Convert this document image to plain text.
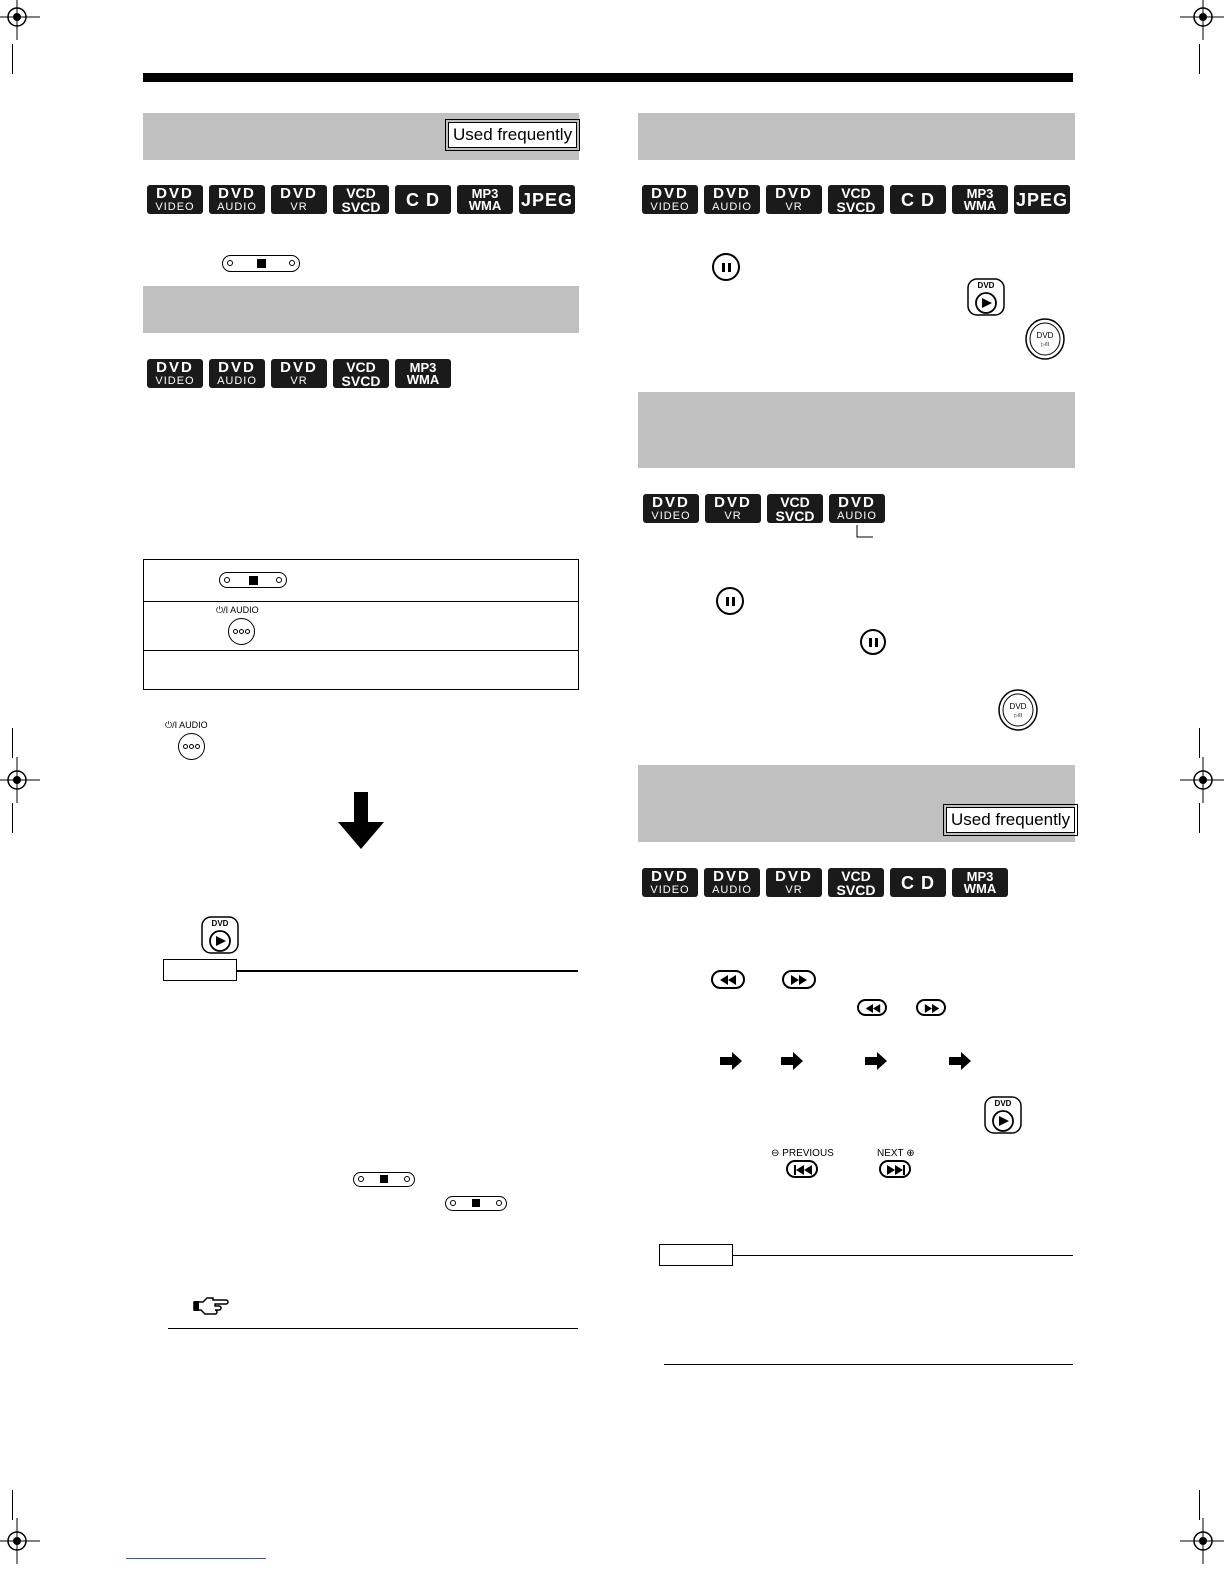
Used frequently
DVD
VIDEO
DVD
AUDIO
DVD
VR
VCD
SVCD C D MP3
WMA JPEG
DVD
VIDEO
DVD
AUDIO
DVD
VR
VCD
SVCD
MP3
WMA
⏻/I AUDIO
⏻/I AUDIO
DVD
DVD
VIDEO
DVD
AUDIO
DVD
VR
VCD
SVCD C D MP3
WMA JPEG
DVD
DVD
▷/II
DVD
VIDEO
DVD
VR
VCD
SVCD
DVD
AUDIO
DVD
▷/II
Used frequently
DVD
VIDEO
DVD
AUDIO
DVD
VR
VCD
SVCD C D MP3
WMA
DVD
⊖ PREVIOUS	NEXT ⊕
